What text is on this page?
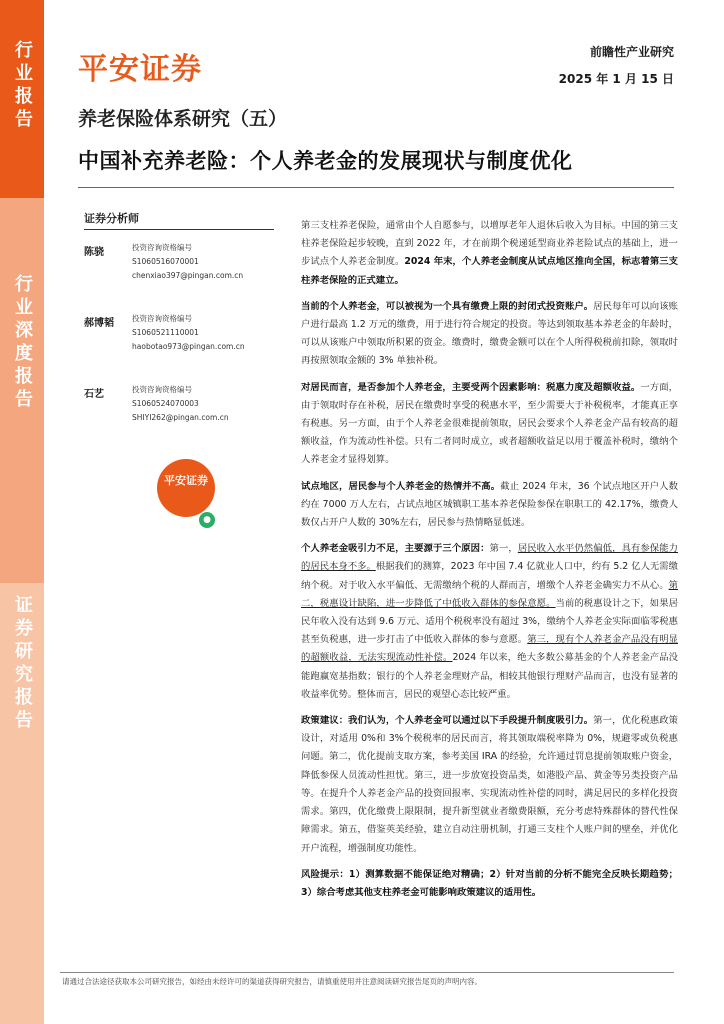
行业报告
行业深度报告
证券研究报告
平安证券	前瞻性产业研究
2025 年 1 月 15 日
养老保险体系研究（五）
中国补充养老险：个人养老金的发展现状与制度优化
证券分析师
陈骁	投资咨询资格编号
S1060516070001
chenxiao397@pingan.com.cn
郝博韬 投资咨询资格编号
S1060521110001
haobotao973@pingan.com.cn
石艺	投资咨询资格编号
S1060524070003
SHIYI262@pingan.com.cn
平安证券
●

第三支柱养老保险，通常由个人自愿参与，以增厚老年人退休后收入为目标。中国的第三支柱养老保险起步较晚，直到 2022 年，才在前期个税递延型商业养老险试点的基础上，进一步试点个人养老金制度。2024 年末，个人养老金制度从试点地区推向全国，标志着第三支柱养老保险的正式建立。

当前的个人养老金，可以被视为一个具有缴费上限的封闭式投资账户。居民每年可以向该账户进行最高 1.2 万元的缴费，用于进行符合规定的投资。等达到领取基本养老金的年龄时，可以从该账户中领取所积累的资金。缴费时，缴费金额可以在个人所得税税前扣除，领取时再按照领取金额的 3% 单独补税。

对居民而言，是否参加个人养老金，主要受两个因素影响：税惠力度及超额收益。一方面，由于领取时存在补税，居民在缴费时享受的税惠水平，至少需要大于补税税率，才能真正享有税惠。另一方面，由于个人养老金很难提前领取，居民会要求个人养老金产品有较高的超额收益，作为流动性补偿。只有二者同时成立，或者超额收益足以用于覆盖补税时，缴纳个人养老金才显得划算。

试点地区，居民参与个人养老金的热情并不高。截止 2024 年末，36 个试点地区开户人数约在 7000 万人左右，占试点地区城镇职工基本养老保险参保在职职工的 42.17%，缴费人数仅占开户人数的 30%左右，居民参与热情略显低迷。

个人养老金吸引力不足，主要源于三个原因：第一，居民收入水平仍然偏低，具有参保能力的居民本身不多。根据我们的测算，2023 年中国 7.4 亿就业人口中，约有 5.2 亿人无需缴纳个税。对于收入水平偏低、无需缴纳个税的人群而言，增缴个人养老金确实力不从心。第二，税惠设计缺陷，进一步降低了中低收入群体的参保意愿。当前的税惠设计之下，如果居民年收入没有达到 9.6 万元、适用个税税率没有超过 3%，缴纳个人养老金实际面临零税惠甚至负税惠，进一步打击了中低收入群体的参与意愿。第三，现有个人养老金产品没有明显的超额收益，无法实现流动性补偿。2024 年以来，绝大多数公募基金的个人养老金产品没能跑赢宽基指数；银行的个人养老金理财产品，相较其他银行理财产品而言，也没有显著的收益率优势。整体而言，居民的观望心态比较严重。

政策建议：我们认为，个人养老金可以通过以下手段提升制度吸引力。第一，优化税惠政策设计，对适用 0%和 3%个税税率的居民而言，将其领取端税率降为 0%，规避零或负税惠问题。第二，优化提前支取方案，参考美国 IRA 的经验，允许通过罚息提前领取账户资金，降低参保人员流动性担忧。第三，进一步放宽投资品类，如港股产品、黄金等另类投资产品等。在提升个人养老金产品的投资回报率、实现流动性补偿的同时，满足居民的多样化投资需求。第四，优化缴费上限限制，提升新型就业者缴费限额，充分考虑特殊群体的替代性保障需求。第五，借鉴英美经验，建立自动注册机制，打通三支柱个人账户间的壁垒，并优化开户流程，增强制度功能性。

风险提示：1）测算数据不能保证绝对精确；2）针对当前的分析不能完全反映长期趋势；3）综合考虑其他支柱养老金可能影响政策建议的适用性。

请通过合法途径获取本公司研究报告，如经由未经许可的渠道获得研究报告，请慎重使用并注意阅读研究报告尾页的声明内容。
